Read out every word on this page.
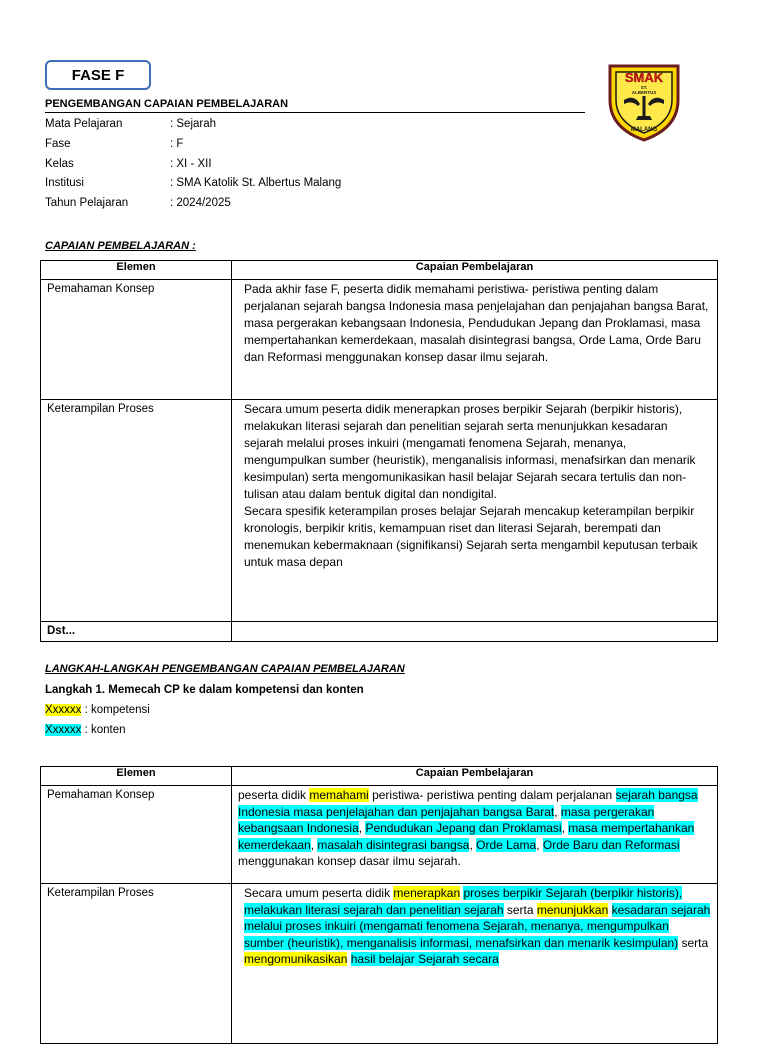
FASE F	SMAK
ST.
ALBERTUS
MALANG
PENGEMBANGAN CAPAIAN PEMBELAJARAN
Mata Pelajaran	: Sejarah
Fase	: F
Kelas	: XI - XII
Institusi	: SMA Katolik St. Albertus Malang
Tahun Pelajaran	: 2024/2025
CAPAIAN PEMBELAJARAN :
Elemen	Capaian Pembelajaran
Pemahaman Konsep	Pada akhir fase F, peserta didik memahami peristiwa- peristiwa penting dalam perjalanan sejarah bangsa Indonesia masa penjelajahan dan penjajahan bangsa Barat, masa pergerakan kebangsaan Indonesia, Pendudukan Jepang dan Proklamasi, masa mempertahankan kemerdekaan, masalah disintegrasi bangsa, Orde Lama, Orde Baru dan Reformasi menggunakan konsep dasar ilmu sejarah.

Keterampilan Proses	Secara umum peserta didik menerapkan proses berpikir Sejarah (berpikir historis), melakukan literasi sejarah dan penelitian sejarah serta menunjukkan kesadaran sejarah melalui proses inkuiri (mengamati fenomena Sejarah, menanya, mengumpulkan sumber (heuristik), menganalisis informasi, menafsirkan dan menarik kesimpulan) serta mengomunikasikan hasil belajar Sejarah secara tertulis dan non-tulisan atau dalam bentuk digital dan nondigital.

Secara spesifik keterampilan proses belajar Sejarah mencakup keterampilan berpikir kronologis, berpikir kritis, kemampuan riset dan literasi Sejarah, berempati dan menemukan kebermaknaan (signifikansi) Sejarah serta mengambil keputusan terbaik untuk masa depan

Dst...	
LANGKAH-LANGKAH PENGEMBANGAN CAPAIAN PEMBELAJARAN
Langkah 1. Memecah CP ke dalam kompetensi dan konten
Xxxxxx : kompetensi
Xxxxxx : konten
Elemen	Capaian Pembelajaran
Pemahaman Konsep	peserta didik memahami peristiwa- peristiwa penting dalam perjalanan sejarah bangsa Indonesia masa penjelajahan dan penjajahan bangsa Barat, masa pergerakan kebangsaan Indonesia, Pendudukan Jepang dan Proklamasi, masa mempertahankan kemerdekaan, masalah disintegrasi bangsa, Orde Lama, Orde Baru dan Reformasi menggunakan konsep dasar ilmu sejarah.
Keterampilan Proses	Secara umum peserta didik menerapkan proses berpikir Sejarah (berpikir historis), melakukan literasi sejarah dan penelitian sejarah serta menunjukkan kesadaran sejarah melalui proses inkuiri (mengamati fenomena Sejarah, menanya, mengumpulkan sumber (heuristik), menganalisis informasi, menafsirkan dan menarik kesimpulan) serta mengomunikasikan hasil belajar Sejarah secara
